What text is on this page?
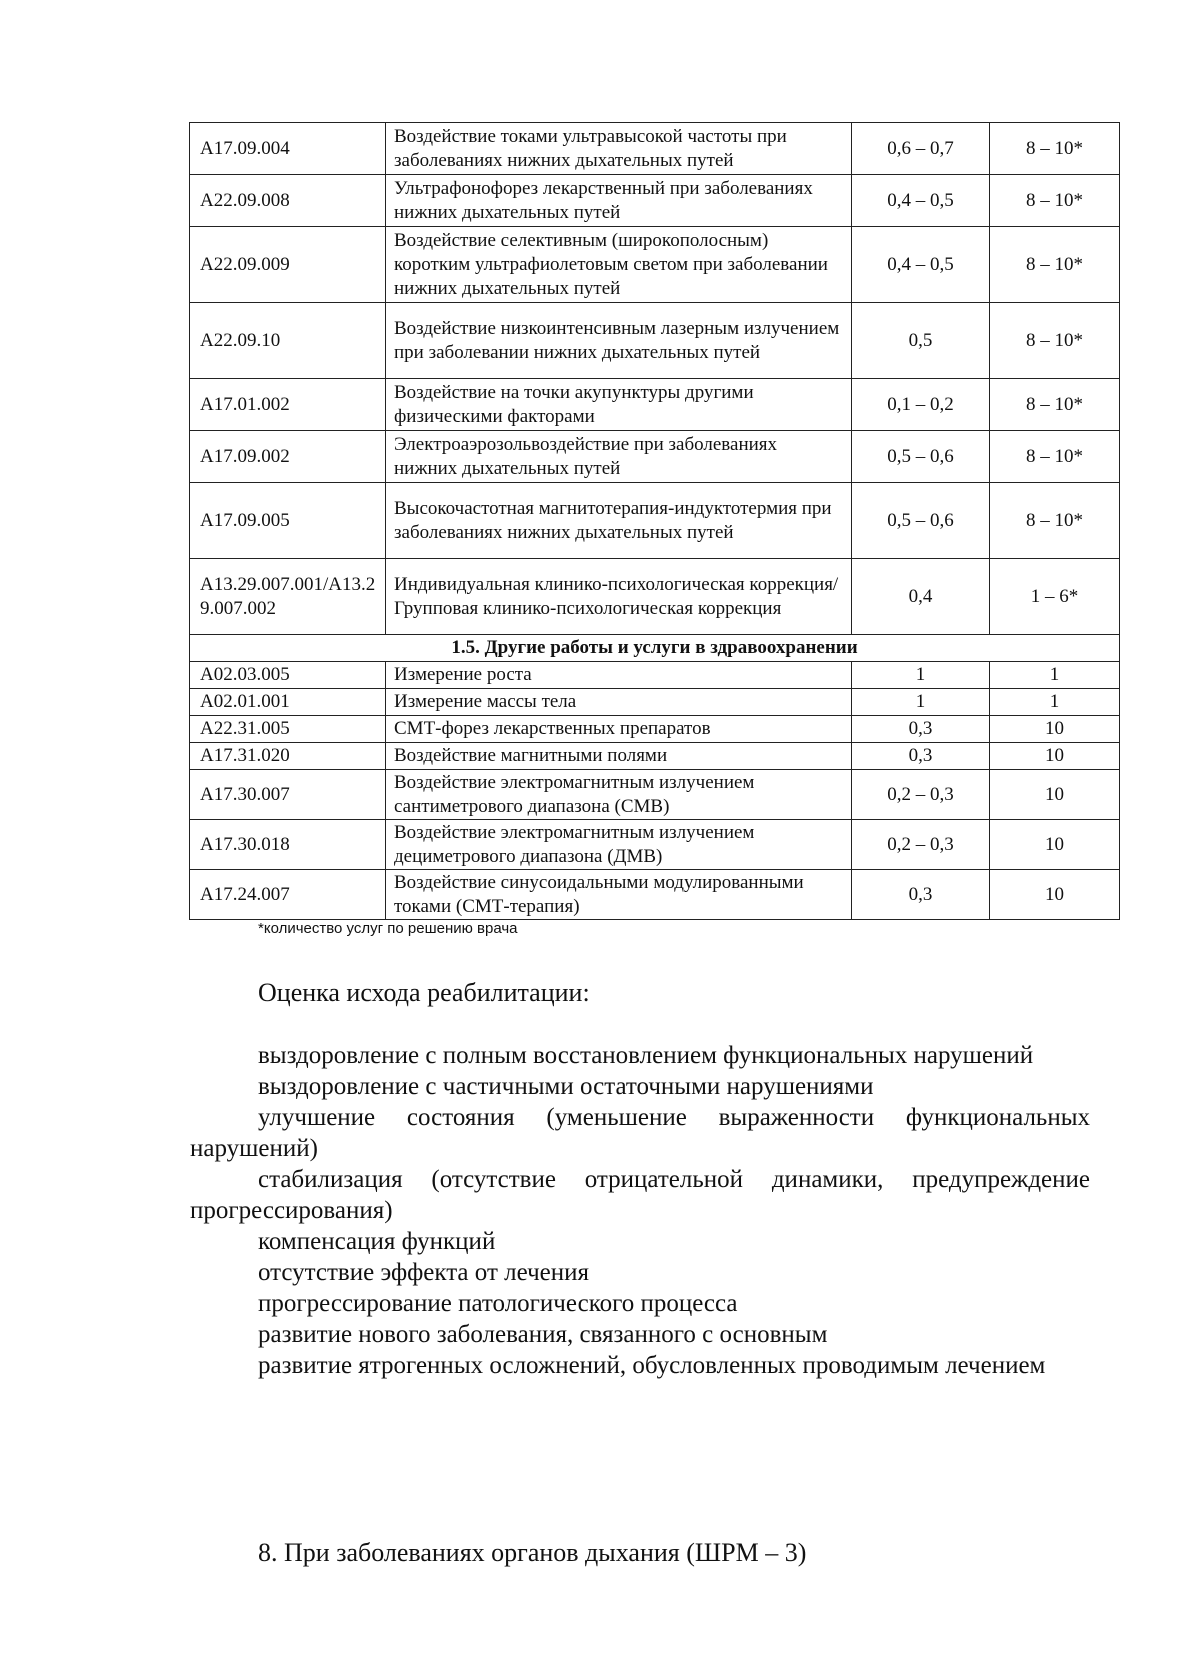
A17.09.004	Воздействие токами ультравысокой частоты при заболеваниях нижних дыхательных путей	0,6 – 0,7	8 – 10*
A22.09.008	Ультрафонофорез лекарственный при заболеваниях нижних дыхательных путей	0,4 – 0,5	8 – 10*
A22.09.009	Воздействие селективным (широкополосным) коротким ультрафиолетовым светом при заболевании нижних дыхательных путей	0,4 – 0,5	8 – 10*
A22.09.10	Воздействие низкоинтенсивным лазерным излучением при заболевании нижних дыхательных путей	0,5	8 – 10*
A17.01.002	Воздействие на точки акупунктуры другими физическими факторами	0,1 – 0,2	8 – 10*
A17.09.002	Электроаэрозольвоздействие при заболеваниях нижних дыхательных путей	0,5 – 0,6	8 – 10*
A17.09.005	Высокочастотная магнитотерапия-индуктотермия при заболеваниях нижних дыхательных путей	0,5 – 0,6	8 – 10*
A13.29.007.001/A13.29.007.002	Индивидуальная клинико-психологическая коррекция/Групповая клинико-психологическая коррекция	0,4	1 – 6*
1.5. Другие работы и услуги в здравоохранении			
A02.03.005	Измерение роста	1	1
A02.01.001	Измерение массы тела	1	1
A22.31.005	СМТ-форез лекарственных препаратов	0,3	10
A17.31.020	Воздействие магнитными полями	0,3	10
A17.30.007	Воздействие электромагнитным излучением сантиметрового диапазона (СМВ)	0,2 – 0,3	10
A17.30.018	Воздействие электромагнитным излучением дециметрового диапазона (ДМВ)	0,2 – 0,3	10
A17.24.007	Воздействие синусоидальными модулированными токами (СМТ-терапия)	0,3	10
*количество услуг по решению врача
Оценка исхода реабилитации:

выздоровление с полным восстановлением функциональных нарушений

выздоровление с частичными остаточными нарушениями

улучшение состояния (уменьшение выраженности функциональных нарушений)

стабилизация (отсутствие отрицательной динамики, предупреждение прогрессирования)

компенсация функций

отсутствие эффекта от лечения

прогрессирование патологического процесса

развитие нового заболевания, связанного с основным

развитие ятрогенных осложнений, обусловленных проводимым лечением

8. При заболеваниях органов дыхания (ШРМ – 3)
